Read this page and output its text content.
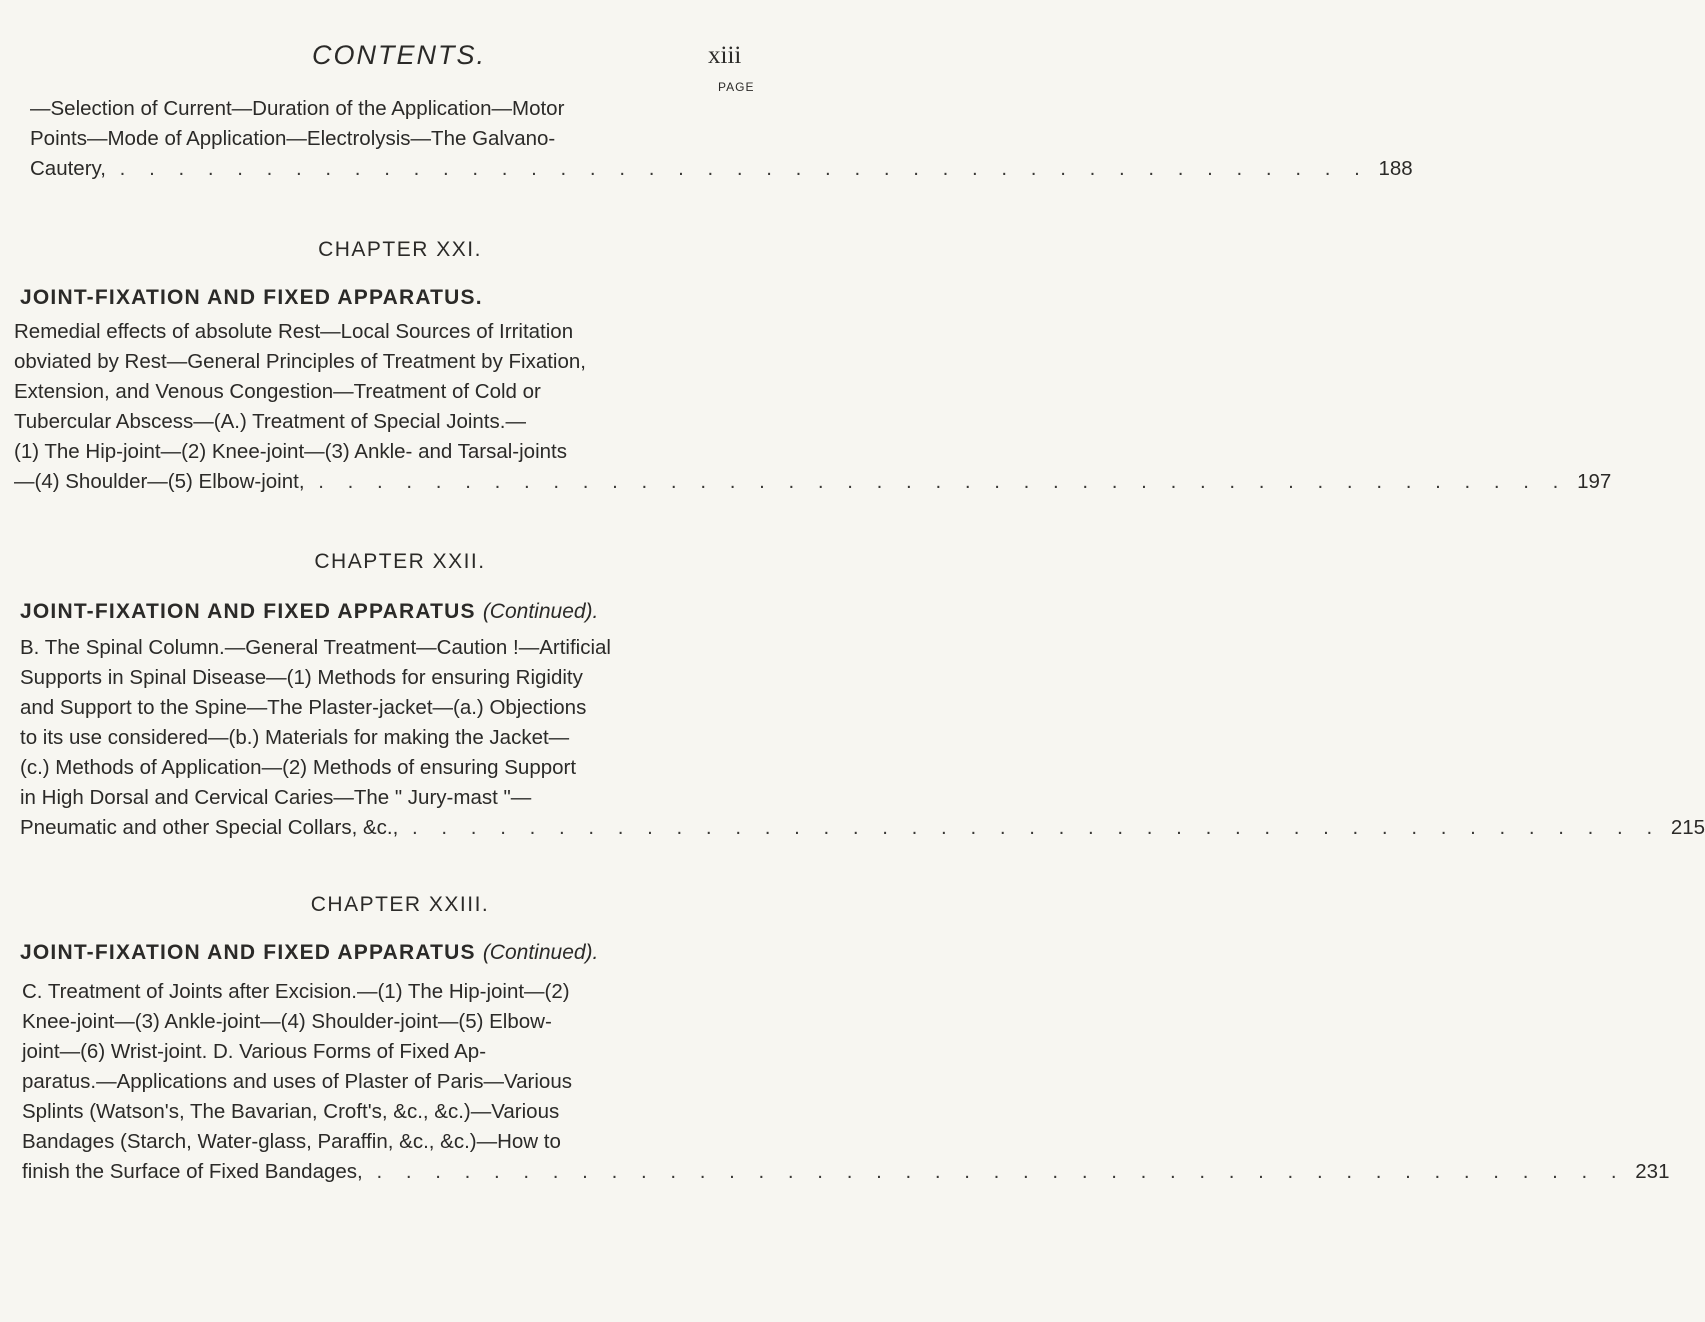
CONTENTS.	xiii
PAGE
—Selection of Current—Duration of the Application—Motor
Points—Mode of Application—Electrolysis—The Galvano-
Cautery, . . . . . . . . . . . . . . . . . . . . . . . . . . . . . . . . . . . . . . . . . . . 188
CHAPTER XXI.
JOINT-FIXATION AND FIXED APPARATUS.
Remedial effects of absolute Rest—Local Sources of Irritation
obviated by Rest—General Principles of Treatment by Fixation,
Extension, and Venous Congestion—Treatment of Cold or
Tubercular Abscess—(A.) Treatment of Special Joints.—
(1) The Hip-joint—(2) Knee-joint—(3) Ankle- and Tarsal-joints
—(4) Shoulder—(5) Elbow-joint, . . . . . . . . . . . . . . . . . . . . . . . . . . . . . . . . . . . . . . . . . . . 197
CHAPTER XXII.
JOINT-FIXATION AND FIXED APPARATUS (Continued).
B. The Spinal Column.—General Treatment—Caution !—Artificial
Supports in Spinal Disease—(1) Methods for ensuring Rigidity
and Support to the Spine—The Plaster-jacket—(a.) Objections
to its use considered—(b.) Materials for making the Jacket—
(c.) Methods of Application—(2) Methods of ensuring Support
in High Dorsal and Cervical Caries—The " Jury-mast "—
Pneumatic and other Special Collars, &c., . . . . . . . . . . . . . . . . . . . . . . . . . . . . . . . . . . . . . . . . . . . 215
CHAPTER XXIII.
JOINT-FIXATION AND FIXED APPARATUS (Continued).
C. Treatment of Joints after Excision.—(1) The Hip-joint—(2)
Knee-joint—(3) Ankle-joint—(4) Shoulder-joint—(5) Elbow-
joint—(6) Wrist-joint. D. Various Forms of Fixed Ap-
paratus.—Applications and uses of Plaster of Paris—Various
Splints (Watson's, The Bavarian, Croft's, &c., &c.)—Various
Bandages (Starch, Water-glass, Paraffin, &c., &c.)—How to
finish the Surface of Fixed Bandages, . . . . . . . . . . . . . . . . . . . . . . . . . . . . . . . . . . . . . . . . . . . 231
